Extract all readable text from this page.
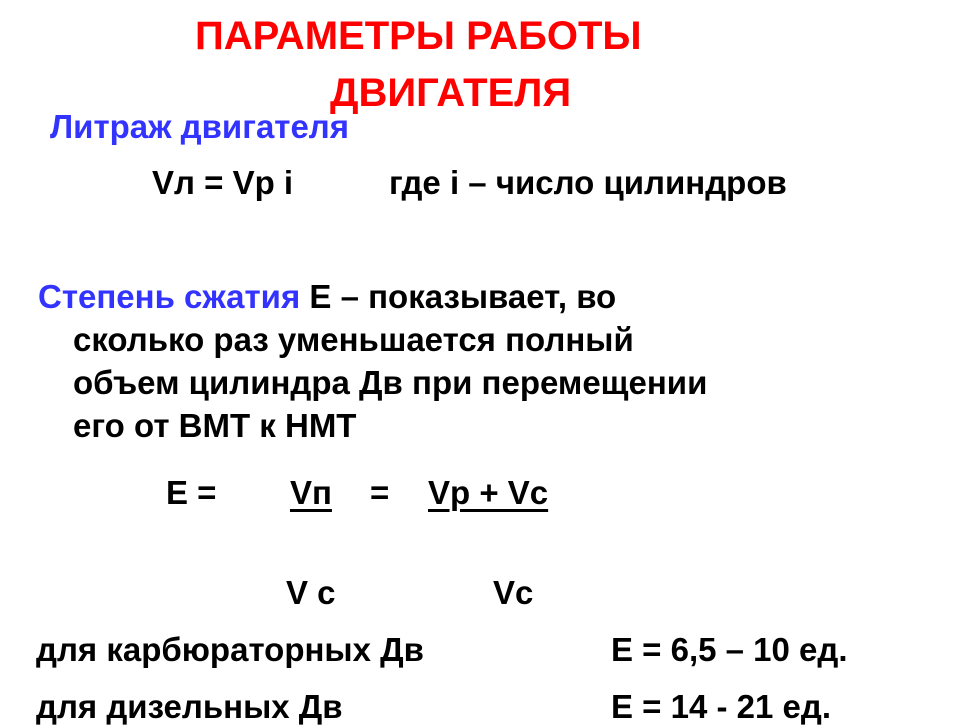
ПАРАМЕТРЫ РАБОТЫ
ДВИГАТЕЛЯ
Литраж двигателя
Vл = Vр i	где i – число цилиндров
Степень сжатия Е – показывает, во
сколько раз уменьшается полный
объем цилиндра Дв при перемещении
его от ВМТ к НМТ
Е = Vп = Vр + Vс
V с	Vс
для карбюраторных Дв	Е = 6,5 – 10 ед.
для дизельных Дв	Е = 14 - 21 ед.
